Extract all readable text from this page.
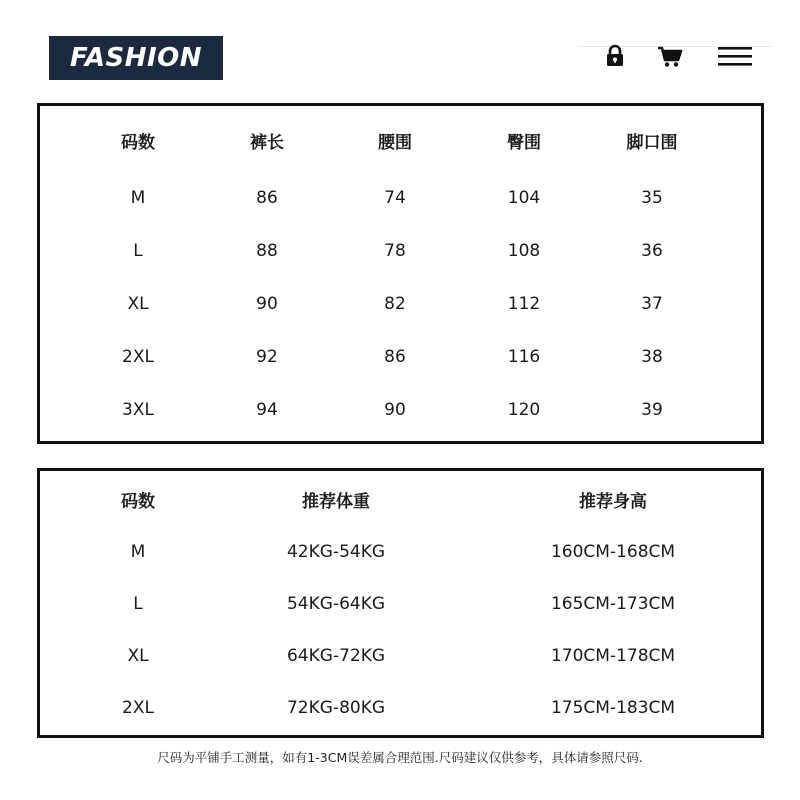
FASHION
码数	裤长	腰围	臀围	脚口围
M	86	74	104	35
L	88	78	108	36
XL	90	82	112	37
2XL	92	86	116	38
3XL	94	90	120	39
码数	推荐体重	推荐身高
M	42KG-54KG	160CM-168CM
L	54KG-64KG	165CM-173CM
XL	64KG-72KG	170CM-178CM
2XL	72KG-80KG	175CM-183CM
尺码为平铺手工测量，如有1-3CM误差属合理范围.尺码建议仅供参考，具体请参照尺码.
